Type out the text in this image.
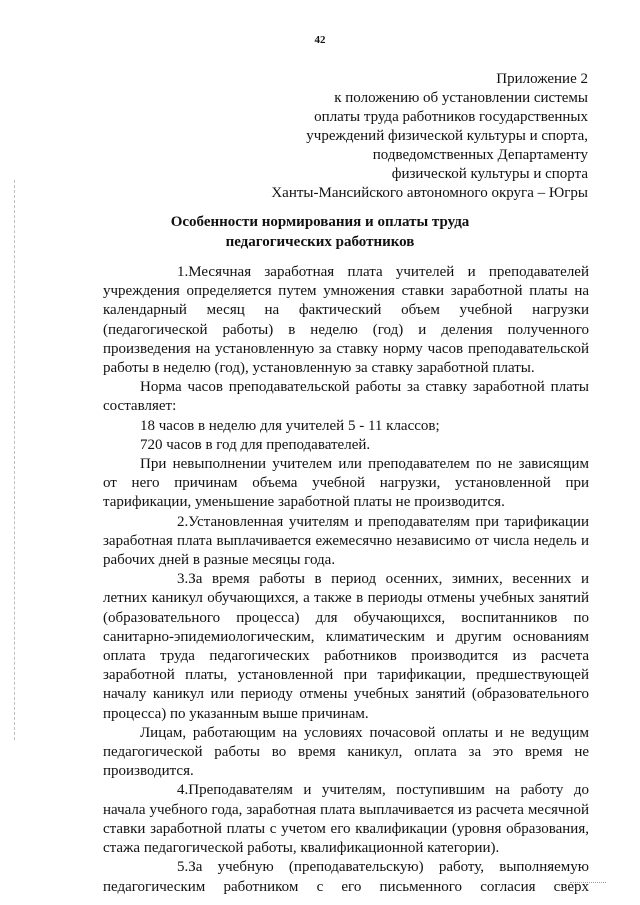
42
Приложение 2
к положению об установлении системы
оплаты труда работников государственных
учреждений физической культуры и спорта,
подведомственных Департаменту
физической культуры и спорта
Ханты-Мансийского автономного округа – Югры
Особенности нормирования и оплаты труда
педагогических работников

1.Месячная заработная плата учителей и преподавателей учреждения определяется путем умножения ставки заработной платы на календарный месяц на фактический объем учебной нагрузки (педагогической работы) в неделю (год) и деления полученного произведения на установленную за ставку норму часов преподавательской работы в неделю (год), установленную за ставку заработной платы.

Норма часов преподавательской работы за ставку заработной платы составляет:

18 часов в неделю для учителей 5 - 11 классов;

720 часов в год для преподавателей.

При невыполнении учителем или преподавателем по не зависящим от него причинам объема учебной нагрузки, установленной при тарификации, уменьшение заработной платы не производится.

2.Установленная учителям и преподавателям при тарификации заработная плата выплачивается ежемесячно независимо от числа недель и рабочих дней в разные месяцы года.

3.За время работы в период осенних, зимних, весенних и летних каникул обучающихся, а также в периоды отмены учебных занятий (образовательного процесса) для обучающихся, воспитанников по санитарно-эпидемиологическим, климатическим и другим основаниям оплата труда педагогических работников производится из расчета заработной платы, установленной при тарификации, предшествующей началу каникул или периоду отмены учебных занятий (образовательного процесса) по указанным выше причинам.

Лицам, работающим на условиях почасовой оплаты и не ведущим педагогической работы во время каникул, оплата за это время не производится.

4.Преподавателям и учителям, поступившим на работу до начала учебного года, заработная плата выплачивается из расчета месячной ставки заработной платы с учетом его квалификации (уровня образования, стажа педагогической работы, квалификационной категории).

5.За учебную (преподавательскую) работу, выполняемую педагогическим работником с его письменного согласия сверх
